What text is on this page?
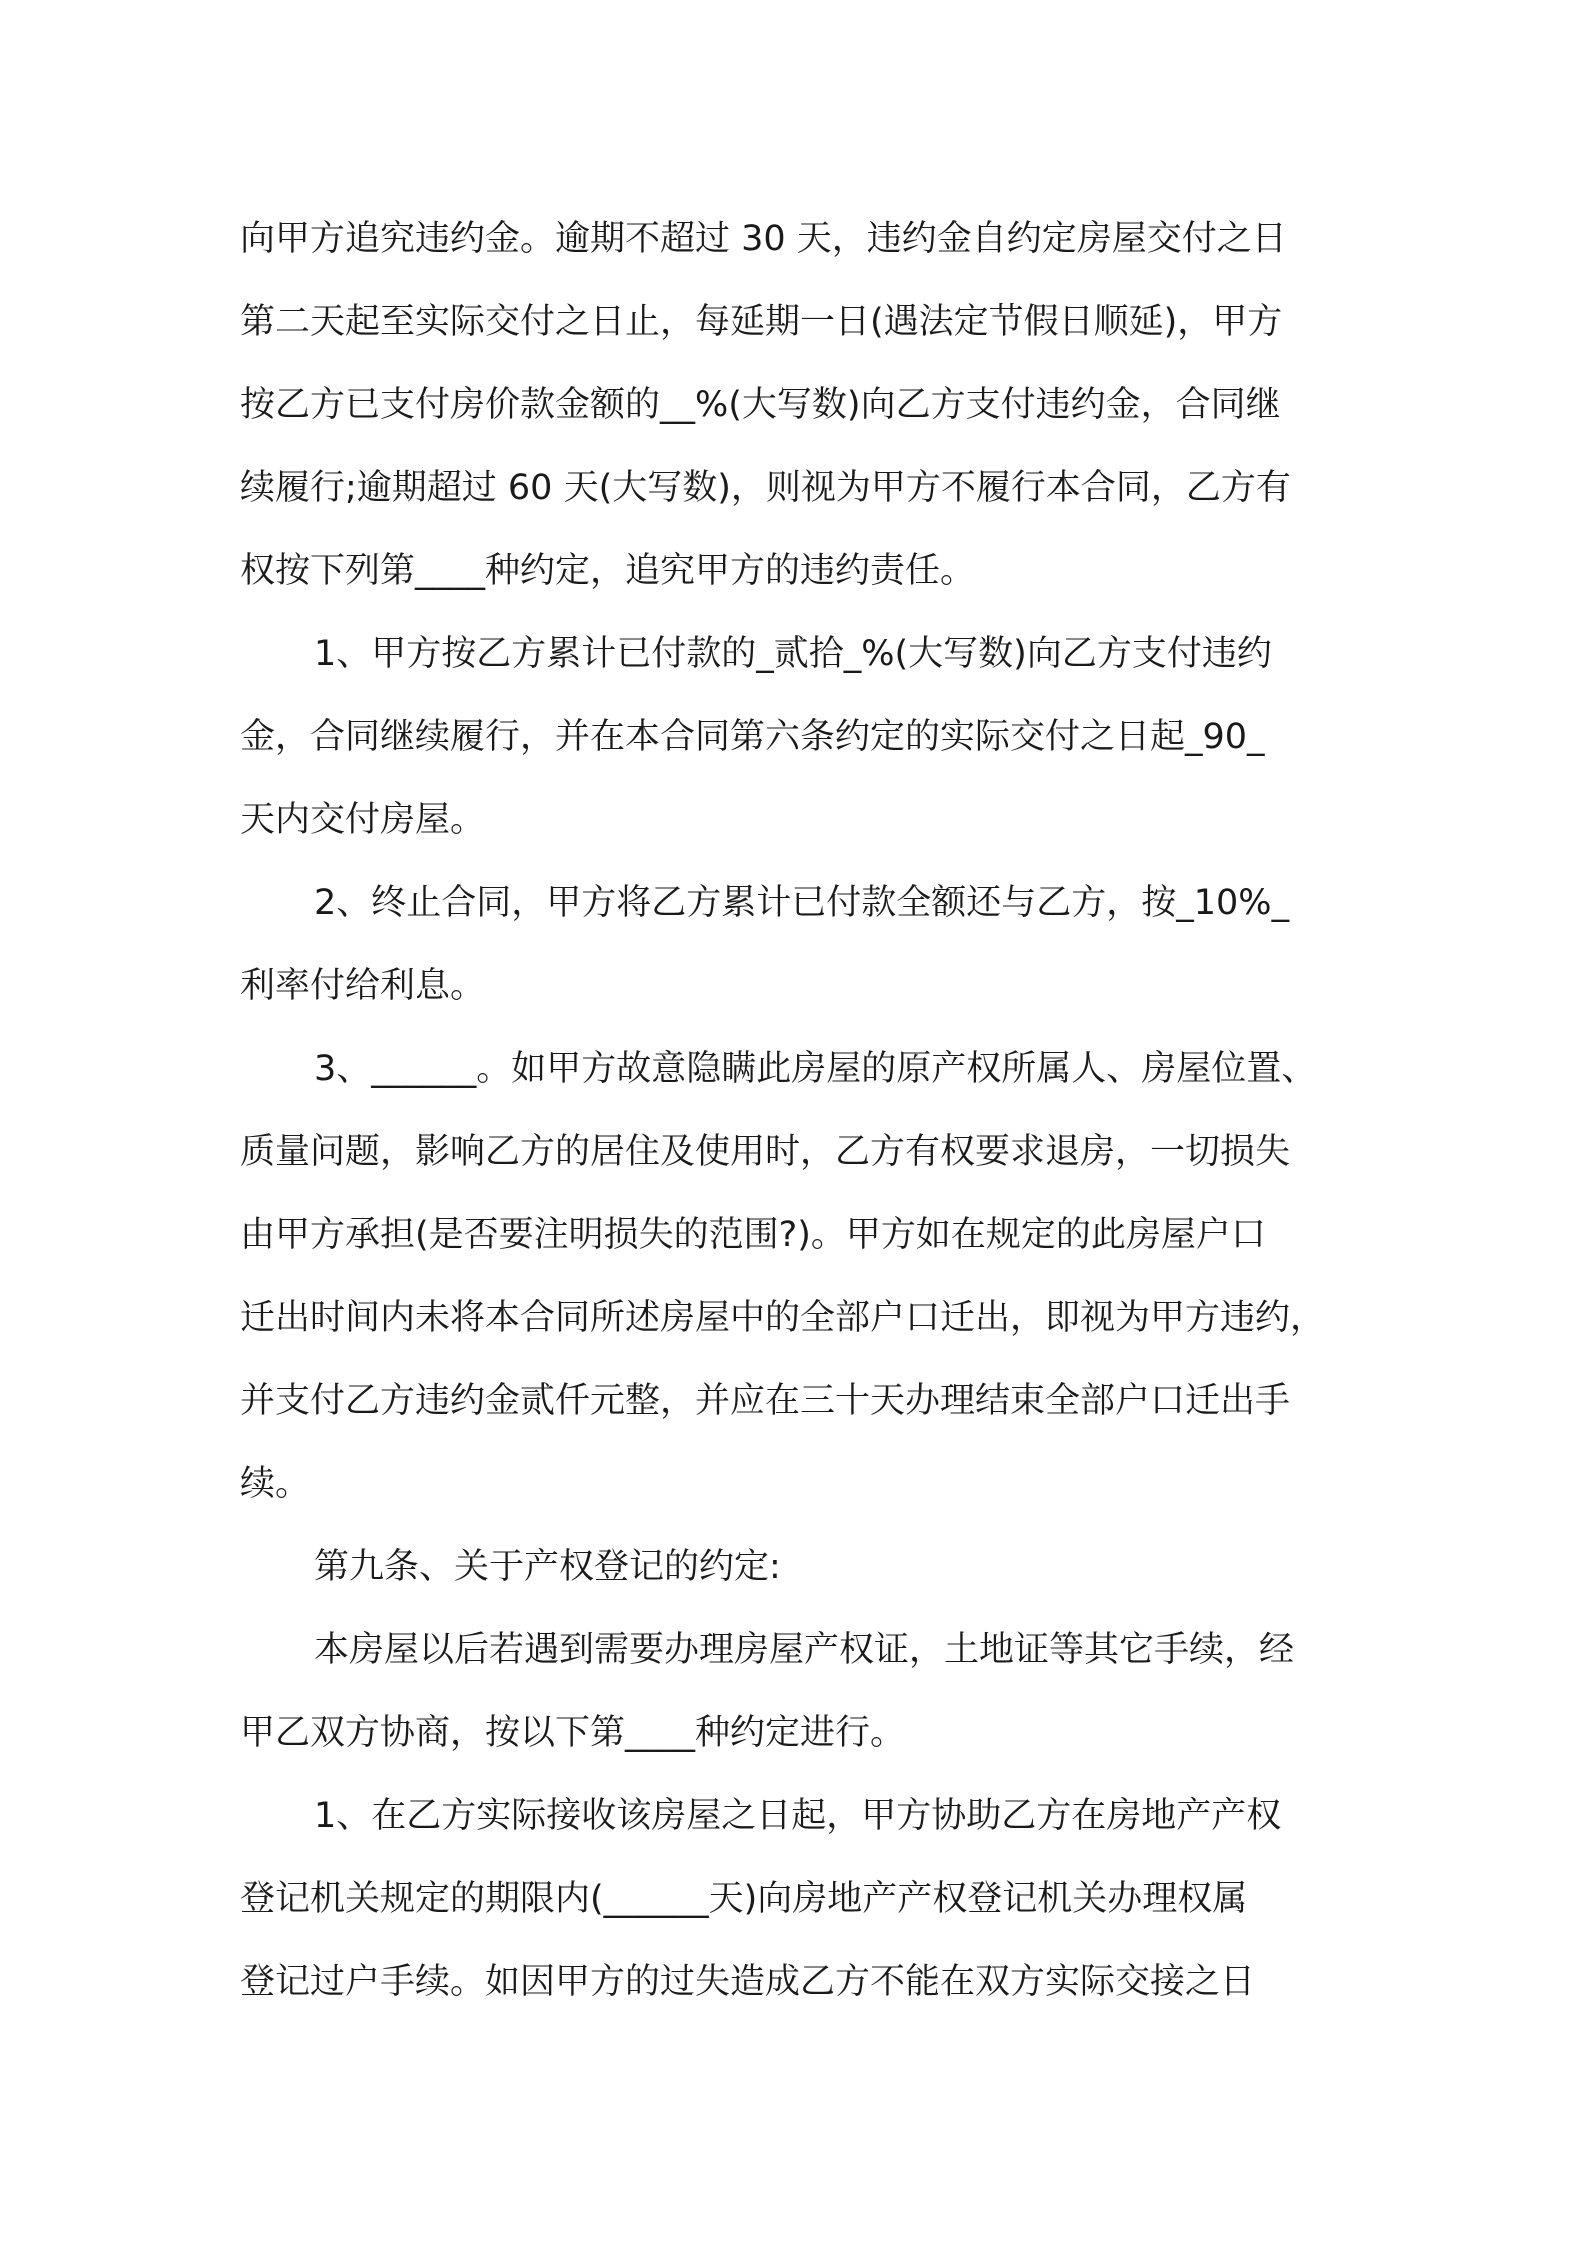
向甲方追究违约金。逾期不超过 30 天，违约金自约定房屋交付之日
第二天起至实际交付之日止，每延期一日(遇法定节假日顺延)，甲方
按乙方已支付房价款金额的__%(大写数)向乙方支付违约金，合同继
续履行;逾期超过 60 天(大写数)，则视为甲方不履行本合同，乙方有
权按下列第____种约定，追究甲方的违约责任。
1、甲方按乙方累计已付款的_贰拾_%(大写数)向乙方支付违约
金，合同继续履行，并在本合同第六条约定的实际交付之日起_90_
天内交付房屋。
2、终止合同，甲方将乙方累计已付款全额还与乙方，按_10%_
利率付给利息。
3、______。如甲方故意隐瞒此房屋的原产权所属人、房屋位置、
质量问题，影响乙方的居住及使用时，乙方有权要求退房，一切损失
由甲方承担(是否要注明损失的范围?)。甲方如在规定的此房屋户口
迁出时间内未将本合同所述房屋中的全部户口迁出，即视为甲方违约，
并支付乙方违约金贰仟元整，并应在三十天办理结束全部户口迁出手
续。
第九条、关于产权登记的约定:
本房屋以后若遇到需要办理房屋产权证，土地证等其它手续，经
甲乙双方协商，按以下第____种约定进行。
1、在乙方实际接收该房屋之日起，甲方协助乙方在房地产产权
登记机关规定的期限内(______天)向房地产产权登记机关办理权属
登记过户手续。如因甲方的过失造成乙方不能在双方实际交接之日
